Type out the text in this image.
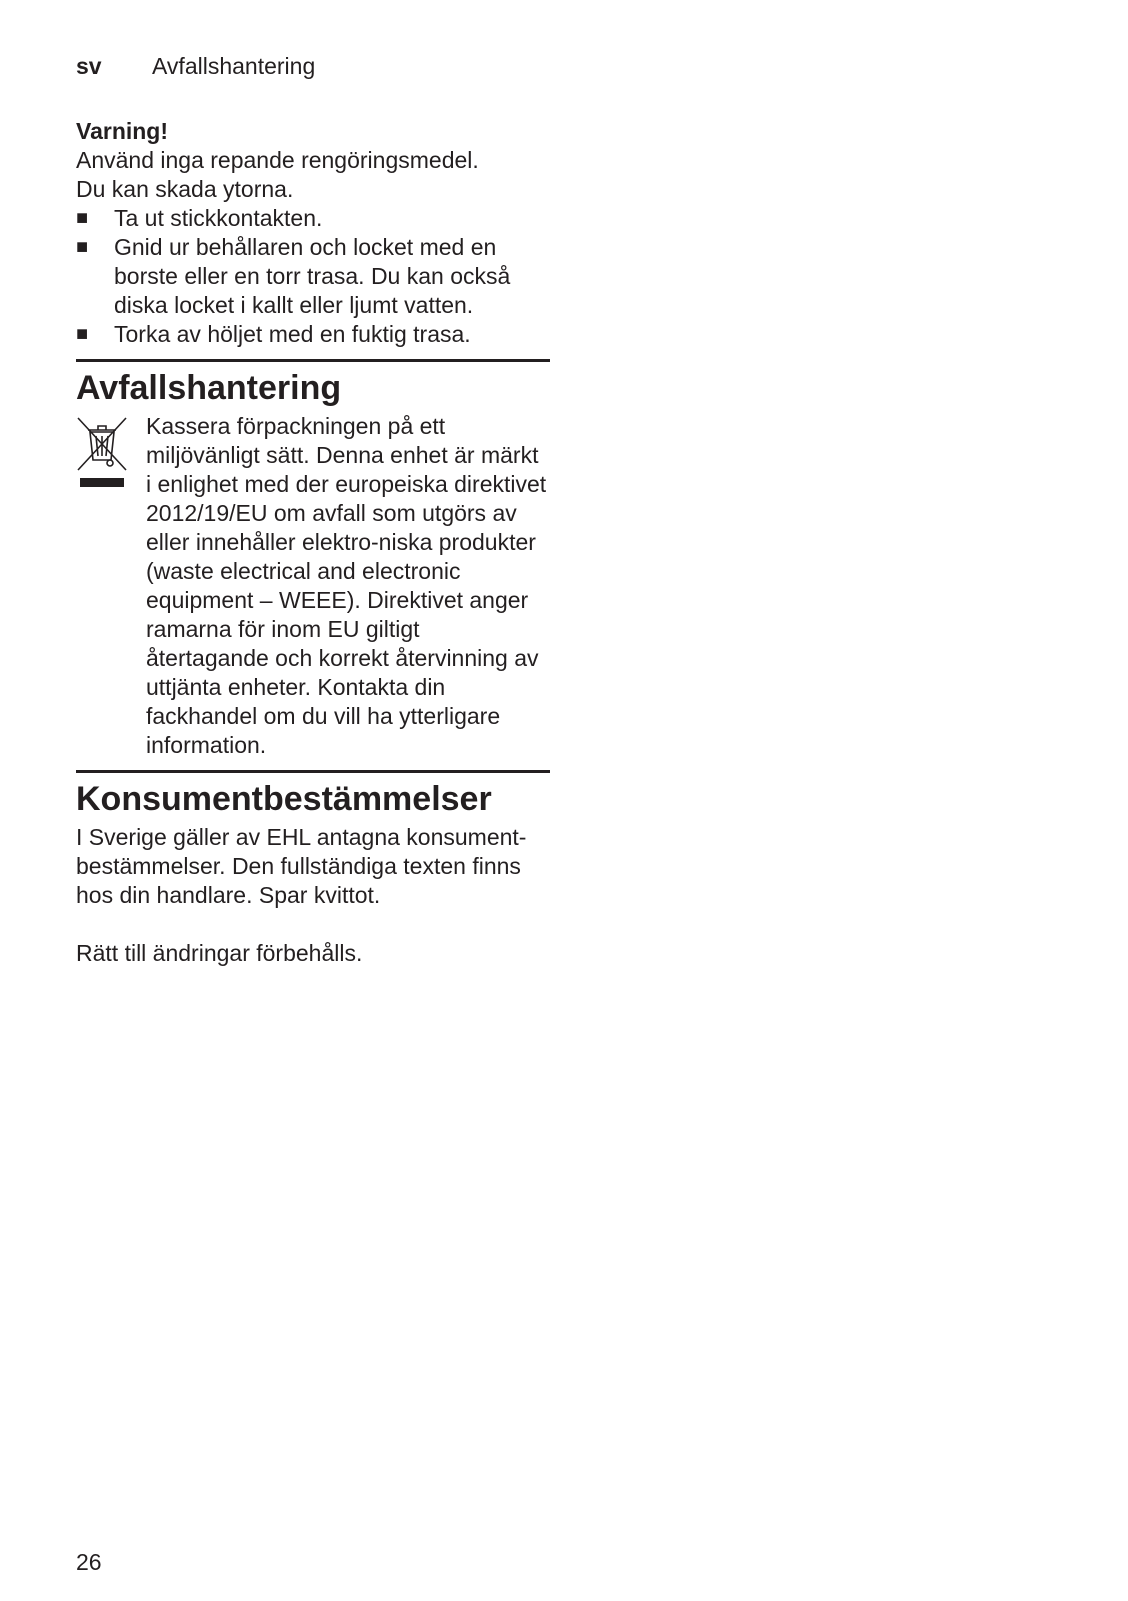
sv Avfallshantering

Varning!

Använd inga repande rengöringsmedel.

Du kan skada ytorna.

■ Ta ut stickkontakten.
■ Gnid ur behållaren och locket med en borste eller en torr trasa. Du kan också diska locket i kallt eller ljumt vatten.
■ Torka av höljet med en fuktig trasa.
Avfallshantering

Kassera förpackningen på ett miljövänligt sätt. Denna enhet är märkt i enlighet med der europeiska direktivet 2012/19/EU om avfall som utgörs av eller innehåller elektro-niska produkter (waste electrical and electronic equipment – WEEE). Direktivet anger ramarna för inom EU giltigt återtagande och korrekt återvinning av uttjänta enheter. Kontakta din fackhandel om du vill ha ytterligare information.

Konsumentbestämmelser

I Sverige gäller av EHL antagna konsument-bestämmelser. Den fullständiga texten finns hos din handlare. Spar kvittot.

Rätt till ändringar förbehålls.

26
